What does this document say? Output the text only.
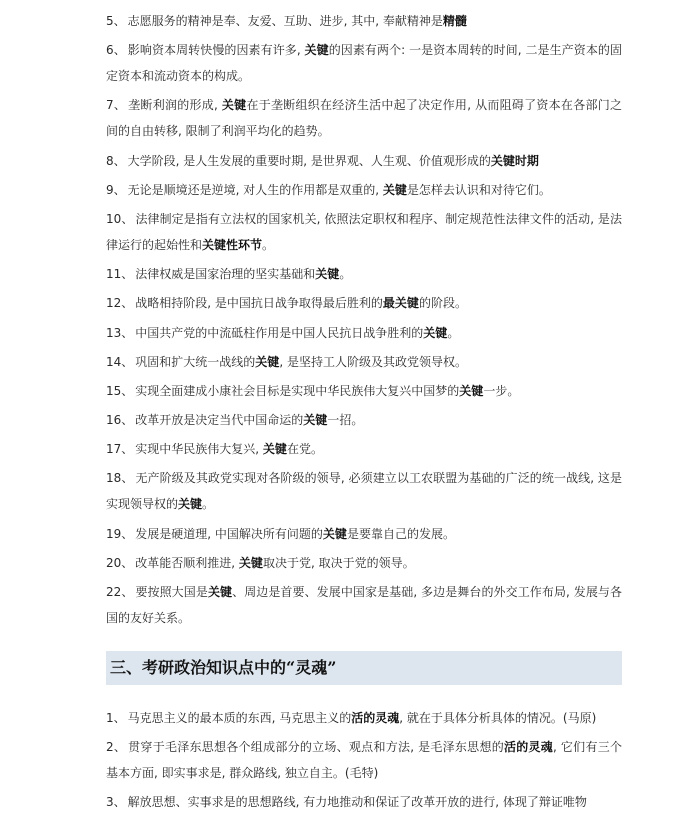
5、 志愿服务的精神是奉、友爱、互助、进步, 其中, 奉献精神是精髓
6、 影响资本周转快慢的因素有许多, 关键的因素有两个: 一是资本周转的时间, 二是生产资本的固定资本和流动资本的构成。
7、 垄断利润的形成, 关键在于垄断组织在经济生活中起了决定作用, 从而阻碍了资本在各部门之间的自由转移, 限制了利润平均化的趋势。
8、 大学阶段, 是人生发展的重要时期, 是世界观、人生观、价值观形成的关键时期
9、 无论是顺境还是逆境, 对人生的作用都是双重的, 关键是怎样去认识和对待它们。
10、 法律制定是指有立法权的国家机关, 依照法定职权和程序、制定规范性法律文件的活动, 是法律运行的起始性和关键性环节。
11、 法律权威是国家治理的坚实基础和关键。
12、 战略相持阶段, 是中国抗日战争取得最后胜利的最关键的阶段。
13、 中国共产党的中流砥柱作用是中国人民抗日战争胜利的关键。
14、 巩固和扩大统一战线的关键, 是坚持工人阶级及其政党领导权。
15、 实现全面建成小康社会目标是实现中华民族伟大复兴中国梦的关键一步。
16、 改革开放是决定当代中国命运的关键一招。
17、 实现中华民族伟大复兴, 关键在党。
18、 无产阶级及其政党实现对各阶级的领导, 必须建立以工农联盟为基础的广泛的统一战线, 这是实现领导权的关键。
19、 发展是硬道理, 中国解决所有问题的关键是要靠自己的发展。
20、 改革能否顺利推进, 关键取决于党, 取决于党的领导。
22、 要按照大国是关键、周边是首要、发展中国家是基础, 多边是舞台的外交工作布局, 发展与各国的友好关系。
三、考研政治知识点中的“灵魂”
1、 马克思主义的最本质的东西, 马克思主义的活的灵魂, 就在于具体分析具体的情况。(马原)
2、 贯穿于毛泽东思想各个组成部分的立场、观点和方法, 是毛泽东思想的活的灵魂, 它们有三个基本方面, 即实事求是, 群众路线, 独立自主。(毛特)
3、 解放思想、实事求是的思想路线, 有力地推动和保证了改革开放的进行, 体现了辩证唯物
